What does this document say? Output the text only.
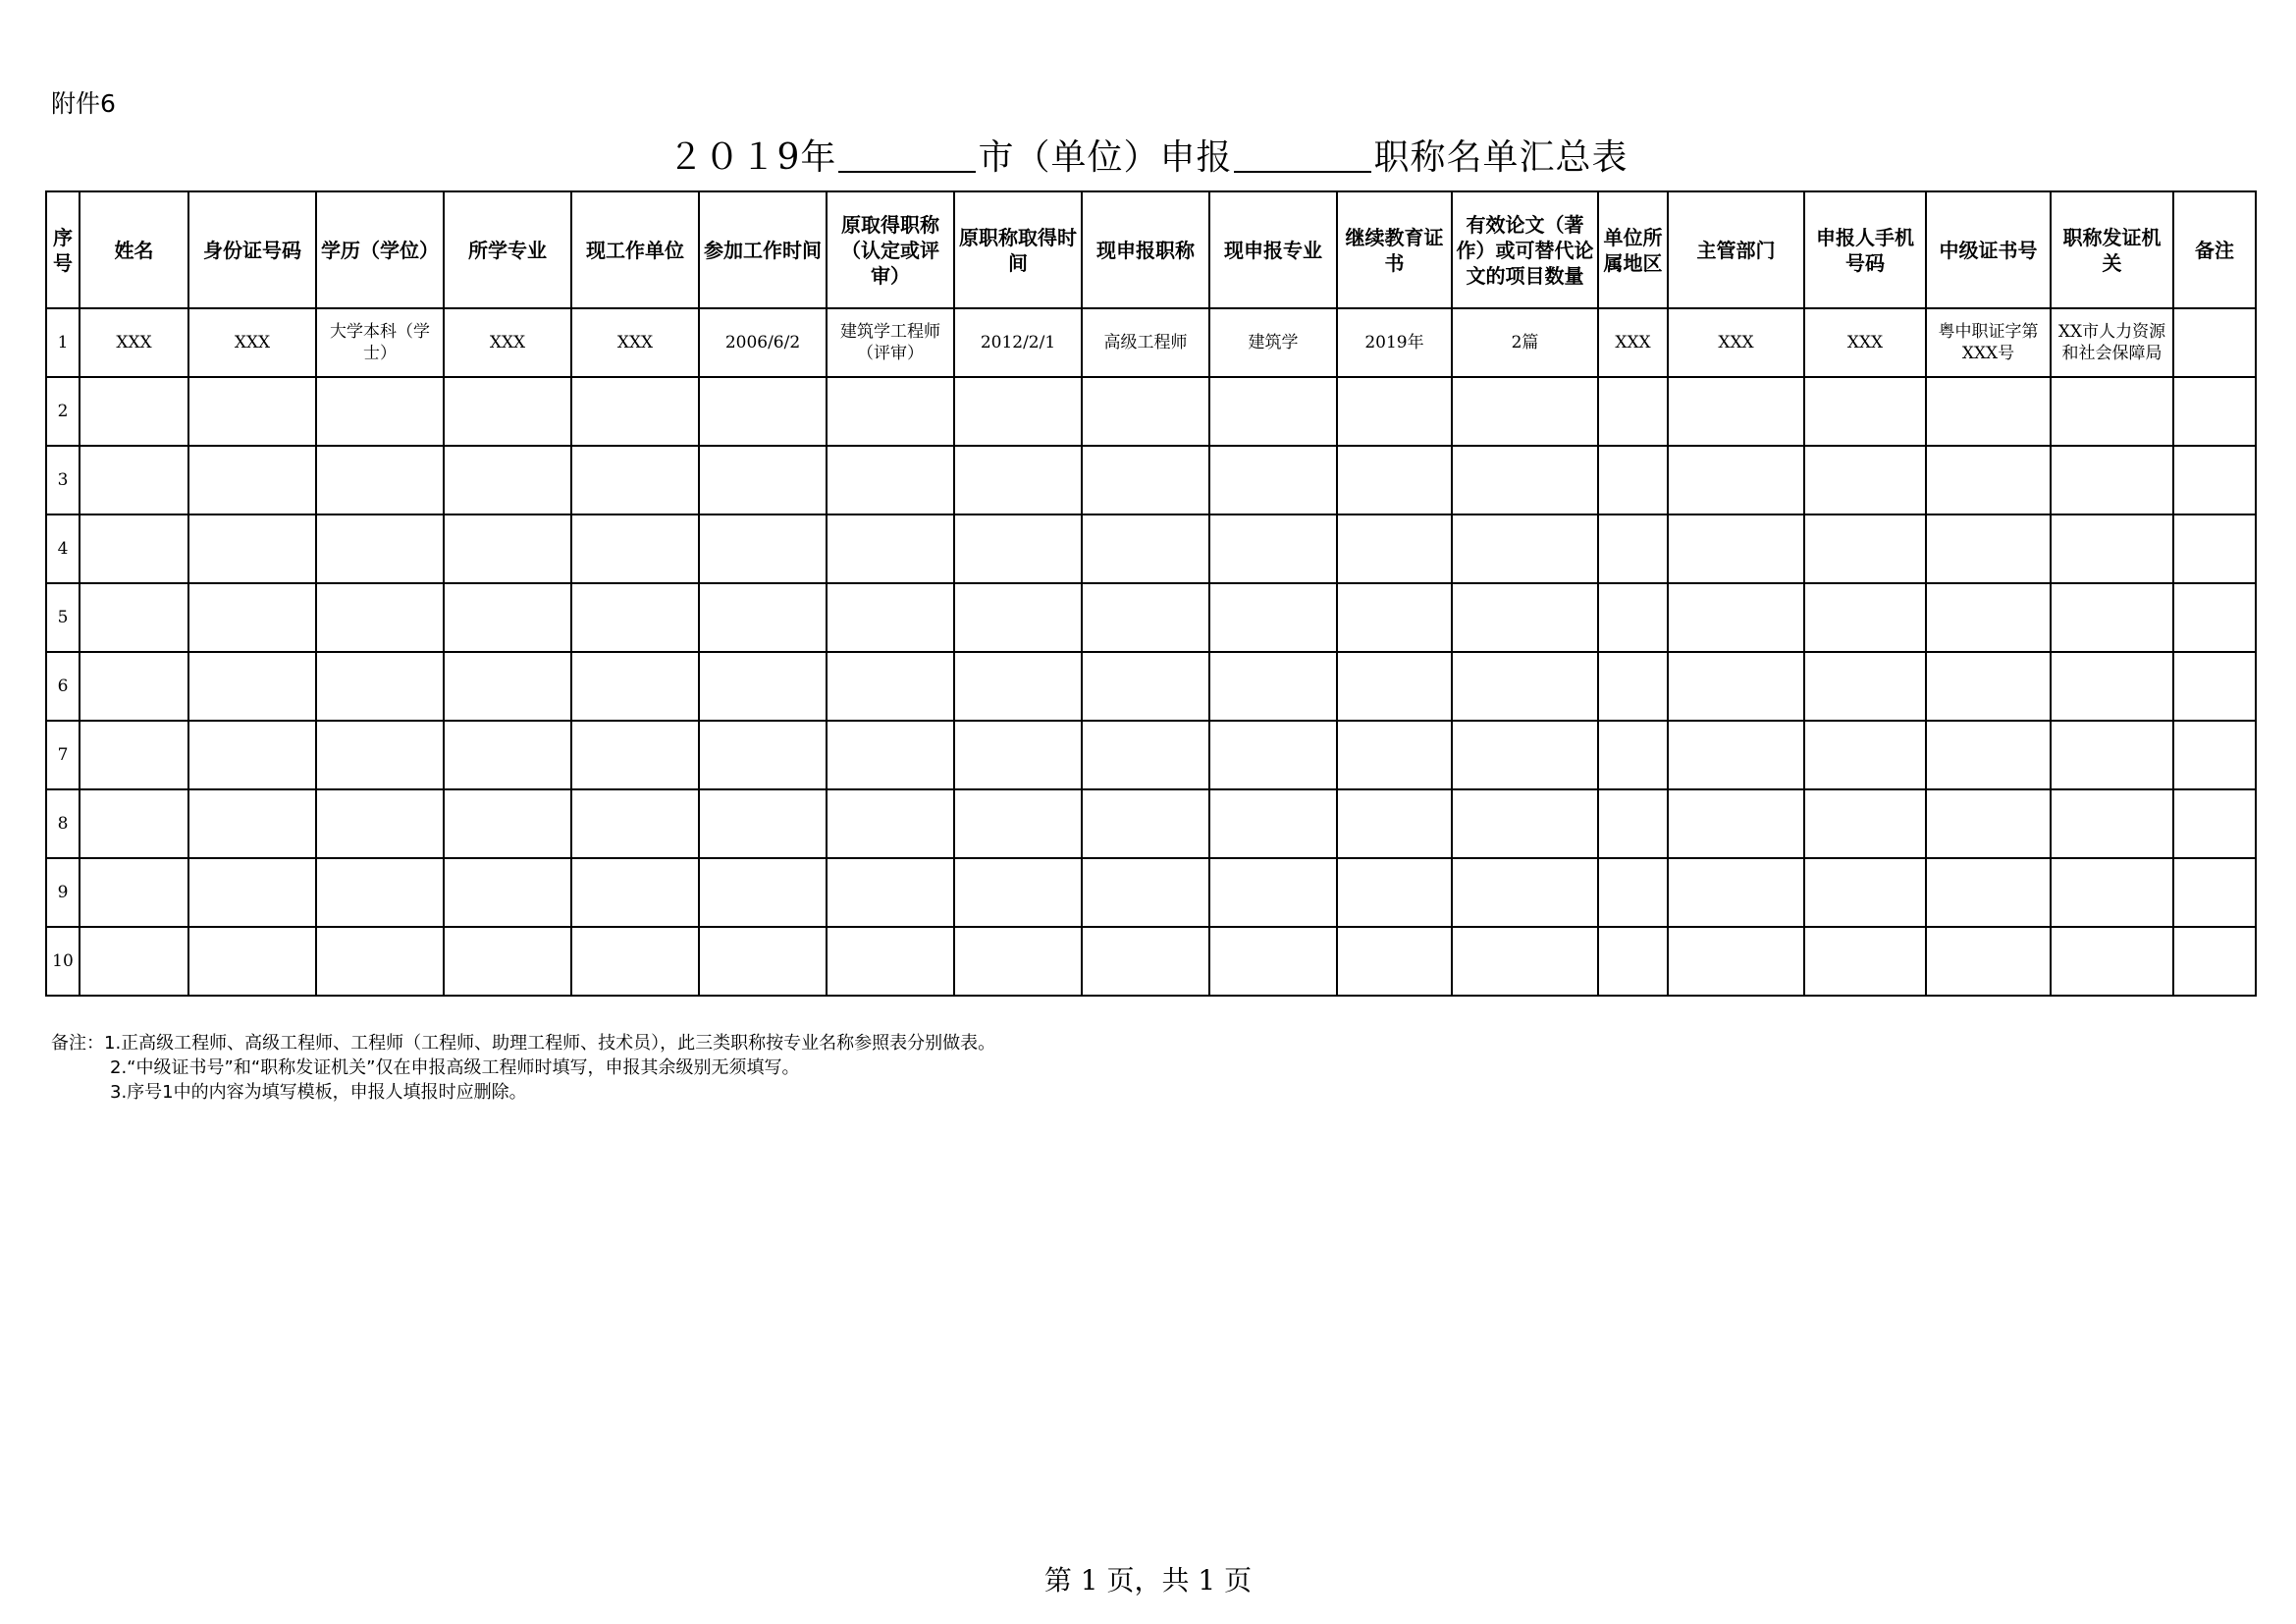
附件6
２０１9年	市（单位）申报	职称名单汇总表
序号	姓名	身份证号码	学历（学位）	所学专业	现工作单位	参加工作时间	原取得职称（认定或评审）	原职称取得时间	现申报职称	现申报专业	继续教育证书	有效论文（著作）或可替代论文的项目数量	单位所属地区	主管部门	申报人手机号码	中级证书号	职称发证机关	备注
1	XXX	XXX	大学本科（学士）	XXX	XXX	2006/6/2	建筑学工程师（评审）	2012/2/1	高级工程师	建筑学	2019年	2篇	XXX	XXX	XXX	粤中职证字第XXX号	XX市人力资源和社会保障局	
2																		
3																		
4																		
5																		
6																		
7																		
8																		
9																		
10																		
备注：1.正高级工程师、高级工程师、工程师（工程师、助理工程师、技术员），此三类职称按专业名称参照表分别做表。
2.“中级证书号”和“职称发证机关”仅在申报高级工程师时填写，申报其余级别无须填写。
3.序号1中的内容为填写模板，申报人填报时应删除。
第 1 页，共 1 页
